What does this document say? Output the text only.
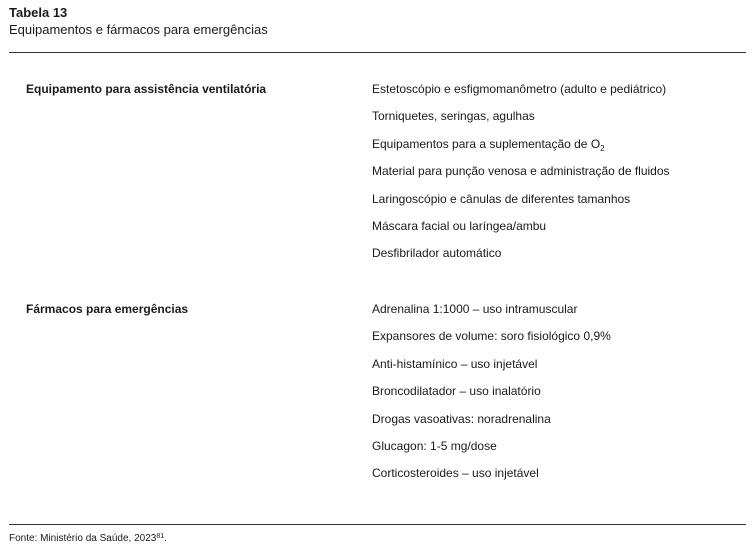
Tabela 13
Equipamentos e fármacos para emergências
Equipamento para assistência ventilatória	Estetoscópio e esfigmomanômetro (adulto e pediátrico)
Torniquetes, seringas, agulhas
Equipamentos para a suplementação de $O_2$
Material para punção venosa e administração de fluidos
Laringoscópio e cânulas de diferentes tamanhos
Máscara facial ou laríngea/ambu
Desfibrilador automático
Fármacos para emergências	Adrenalina 1:1000 – uso intramuscular
Expansores de volume: soro fisiológico 0,9%
Anti-histamínico – uso injetável
Broncodilatador – uso inalatório
Drogas vasoativas: noradrenalina
Glucagon: 1-5 mg/dose
Corticosteroides – uso injetável
Fonte: Ministério da Saúde, 2023$^{81}$.
